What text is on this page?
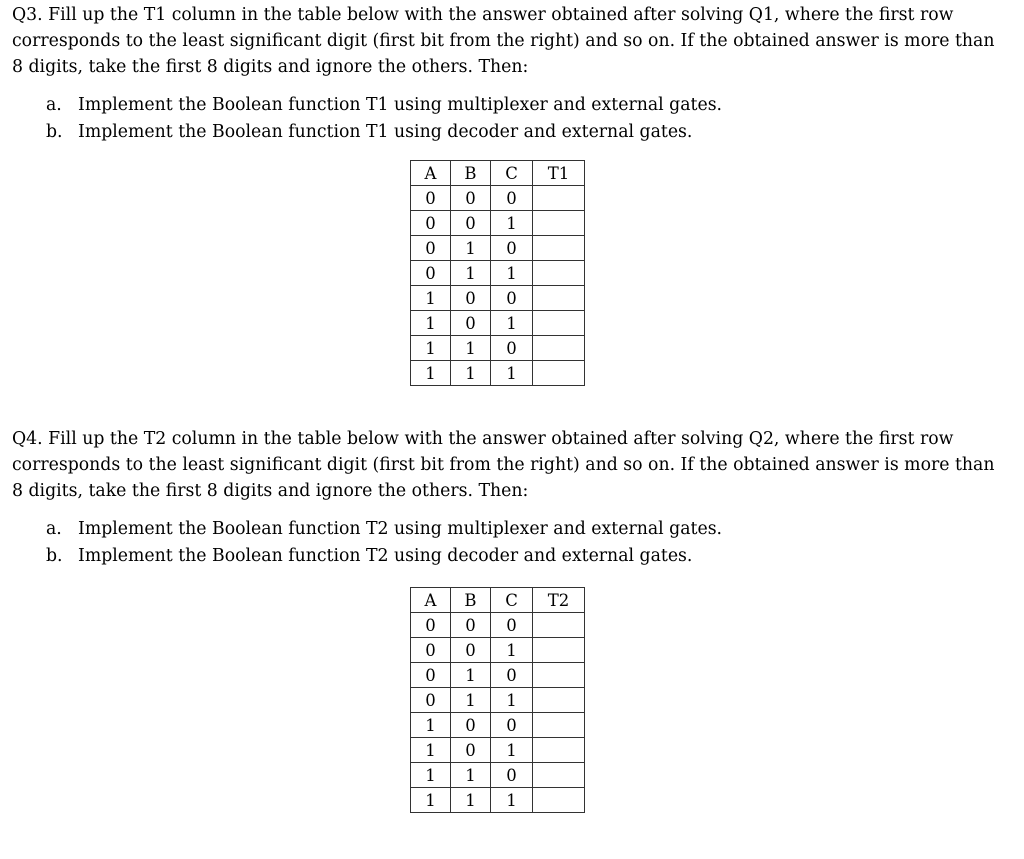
Q3. Fill up the T1 column in the table below with the answer obtained after solving Q1, where the first row corresponds to the least significant digit (first bit from the right) and so on. If the obtained answer is more than 8 digits, take the first 8 digits and ignore the others. Then:

a. Implement the Boolean function T1 using multiplexer and external gates.
b. Implement the Boolean function T1 using decoder and external gates.
A	B	C	T1
0	0	0	
0	0	1	
0	1	0	
0	1	1	
1	0	0	
1	0	1	
1	1	0	
1	1	1	

Q4. Fill up the T2 column in the table below with the answer obtained after solving Q2, where the first row corresponds to the least significant digit (first bit from the right) and so on. If the obtained answer is more than 8 digits, take the first 8 digits and ignore the others. Then:

a. Implement the Boolean function T2 using multiplexer and external gates.
b. Implement the Boolean function T2 using decoder and external gates.
A	B	C	T2
0	0	0	
0	0	1	
0	1	0	
0	1	1	
1	0	0	
1	0	1	
1	1	0	
1	1	1	
